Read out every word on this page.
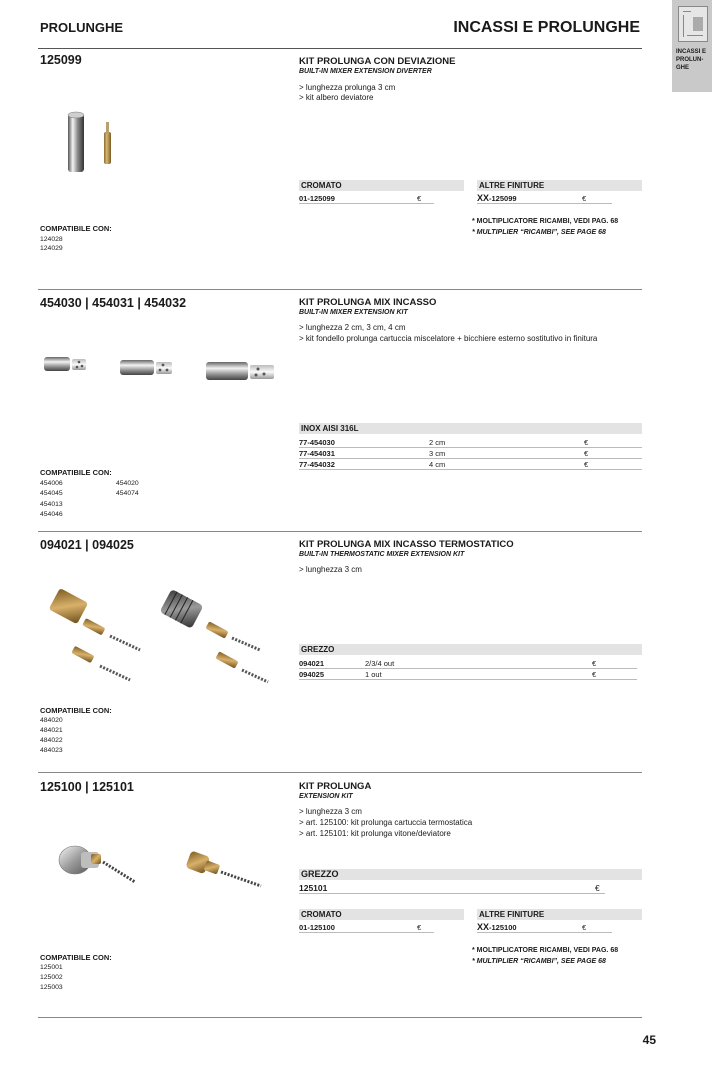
PROLUNGHE	INCASSI E PROLUNGHE
INCASSI E PROLUN-GHE
125099	KIT PROLUNGA CON DEVIAZIONE
BUILT-IN MIXER EXTENSION DIVERTER
> lunghezza prolunga 3 cm
> kit albero deviatore
CROMATO	ALTRE FINITURE
01-125099	€	XX-125099	€
* MOLTIPLICATORE RICAMBI, VEDI PAG. 68
* MULTIPLIER “RICAMBI”, SEE PAGE 68
COMPATIBILE CON:
124028
124029
454030 | 454031 | 454032	KIT PROLUNGA MIX INCASSO
BUILT-IN MIXER EXTENSION KIT
> lunghezza 2 cm, 3 cm, 4 cm
> kit fondello prolunga cartuccia miscelatore + bicchiere esterno sostitutivo in finitura
INOX AISI 316L
77-454030	2 cm	€
77-454031	3 cm	€
77-454032	4 cm	€
COMPATIBILE CON:
454006
454045
454013
454046
454020
454074
094021 | 094025	KIT PROLUNGA MIX INCASSO TERMOSTATICO
BUILT-IN THERMOSTATIC MIXER EXTENSION KIT
> lunghezza 3 cm
GREZZO
094021	2/3/4 out	€
094025	1 out	€
COMPATIBILE CON:
484020
484021
484022
484023
125100 | 125101	KIT PROLUNGA
EXTENSION KIT
> lunghezza 3 cm
> art. 125100: kit prolunga cartuccia termostatica
> art. 125101: kit prolunga vitone/deviatore
GREZZO
125101	€
CROMATO	ALTRE FINITURE
01-125100	€	XX-125100	€
* MOLTIPLICATORE RICAMBI, VEDI PAG. 68
* MULTIPLIER “RICAMBI”, SEE PAGE 68
COMPATIBILE CON:
125001
125002
125003
45
